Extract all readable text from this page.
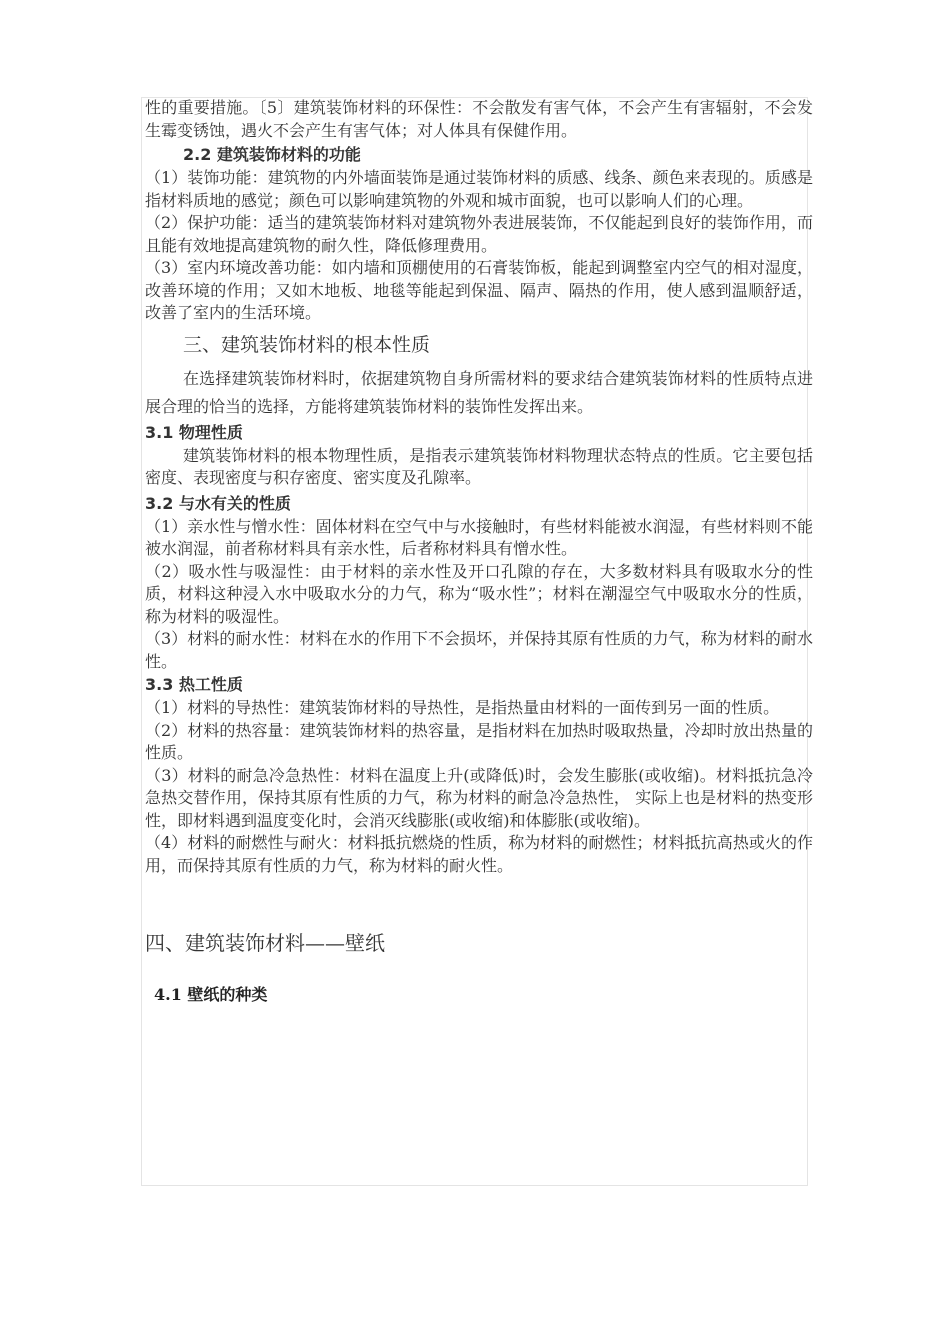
性的重要措施。〔5〕建筑装饰材料的环保性：不会散发有害气体，不会产生有害辐射，不会发生霉变锈蚀，遇火不会产生有害气体；对人体具有保健作用。

2.2 建筑装饰材料的功能

（1）装饰功能：建筑物的内外墙面装饰是通过装饰材料的质感、线条、颜色来表现的。质感是指材料质地的感觉；颜色可以影响建筑物的外观和城市面貌，也可以影响人们的心理。

（2）保护功能：适当的建筑装饰材料对建筑物外表进展装饰，不仅能起到良好的装饰作用，而且能有效地提高建筑物的耐久性，降低修理费用。

（3）室内环境改善功能：如内墙和顶棚使用的石膏装饰板，能起到调整室内空气的相对湿度，改善环境的作用；又如木地板、地毯等能起到保温、隔声、隔热的作用，使人感到温顺舒适，改善了室内的生活环境。

三、建筑装饰材料的根本性质

在选择建筑装饰材料时，依据建筑物自身所需材料的要求结合建筑装饰材料的性质特点进展合理的恰当的选择，方能将建筑装饰材料的装饰性发挥出来。

3.1 物理性质

建筑装饰材料的根本物理性质，是指表示建筑装饰材料物理状态特点的性质。它主要包括密度、表现密度与积存密度、密实度及孔隙率。

3.2 与水有关的性质

（1）亲水性与憎水性：固体材料在空气中与水接触时，有些材料能被水润湿，有些材料则不能被水润湿，前者称材料具有亲水性，后者称材料具有憎水性。

（2）吸水性与吸湿性：由于材料的亲水性及开口孔隙的存在，大多数材料具有吸取水分的性质，材料这种浸入水中吸取水分的力气，称为“吸水性”；材料在潮湿空气中吸取水分的性质，称为材料的吸湿性。

（3）材料的耐水性：材料在水的作用下不会损坏，并保持其原有性质的力气，称为材料的耐水性。

3.3 热工性质

（1）材料的导热性：建筑装饰材料的导热性，是指热量由材料的一面传到另一面的性质。

（2）材料的热容量：建筑装饰材料的热容量，是指材料在加热时吸取热量，冷却时放出热量的性质。

（3）材料的耐急冷急热性：材料在温度上升(或降低)时，会发生膨胀(或收缩)。材料抵抗急冷急热交替作用，保持其原有性质的力气，称为材料的耐急冷急热性， 实际上也是材料的热变形性，即材料遇到温度变化时，会消灭线膨胀(或收缩)和体膨胀(或收缩)。

（4）材料的耐燃性与耐火：材料抵抗燃烧的性质，称为材料的耐燃性；材料抵抗高热或火的作用，而保持其原有性质的力气，称为材料的耐火性。

四、建筑装饰材料——壁纸
4.1 壁纸的种类
